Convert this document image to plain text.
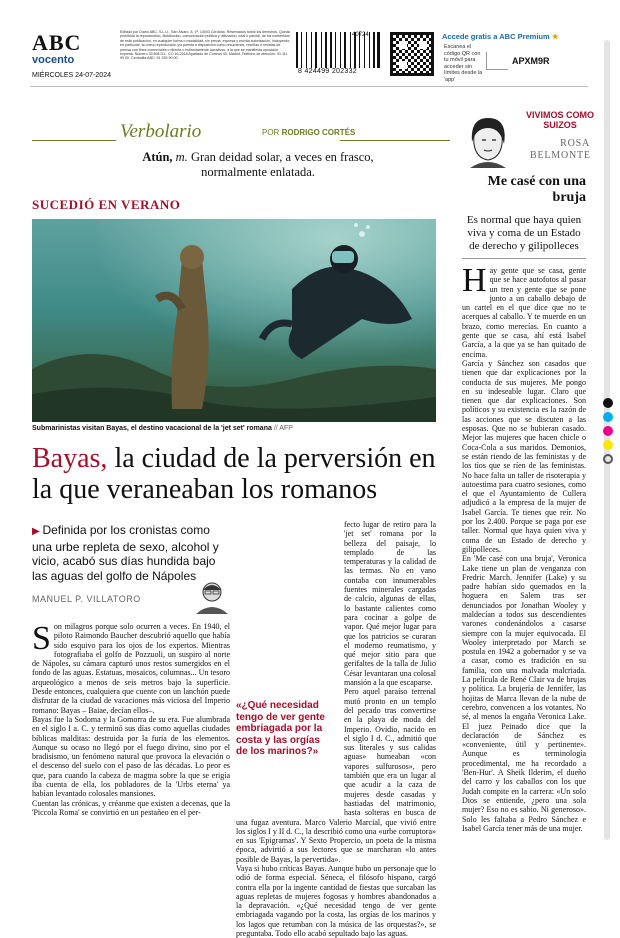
ABC
vocento
MIÉRCOLES 24-07-2024
Editado por Diario ABC, S.L.U., San Álvaro, 8, 1ª, 14003 Córdoba. Reservados todos los derechos. Queda prohibida la reproducción, distribución, comunicación pública y utilización, total o parcial, de los contenidos de esta publicación, en cualquier forma o modalidad, sin previa, expresa y escrita autorización, incluyendo, en particular, su mera reproducción y/o puesta a disposición como resúmenes, reseñas o revistas de prensa con fines comerciales o directa o indirectamente lucrativos, a la que se manifiesta oposición expresa. Número 39.898 D.L. CO 16-2018 Apartado de Correos 43, Madrid. Teléfono de atención: 91 111 99 00. Centralita ABC: 91 339 90 00.
40724
8 424499 202332
Accede gratis a ABC Premium ★
Escanea el código QR con tu móvil para acceder sin límites desde la 'app'
APXM9R
Verbolario	POR RODRIGO CORTÉS
Atún, m. Gran deidad solar, a veces en frasco, normalmente enlatada.
SUCEDIÓ EN VERANO
Submarinistas visitan Bayas, el destino vacacional de la 'jet set' romana // AFP
Bayas, la ciudad de la perversión en la que veraneaban los romanos
▶ Definida por los cronistas como una urbe repleta de sexo, alcohol y vicio, acabó sus días hundida bajo las aguas del golfo de Nápoles
MANUEL P. VILLATORO
Son milagros porque solo ocurren a veces. En 1940, el piloto Raimondo Baucher descubrió aquello que había sido esquivo para los ojos de los expertos. Mientras fotografiaba el golfo de Pozzuoli, un suspiro al norte de Nápoles, su cámara capturó unos restos sumergidos en el fondo de las aguas. Estatuas, mosaicos, columnas... Un tesoro arqueológico a menos de seis metros bajo la superficie. Desde entonces, cualquiera que cuente con un lanchón puede disfrutar de la ciudad de vacaciones más viciosa del Imperio romano: Bayas – Baiae, decían ellos–.
Bayas fue la Sodoma y la Gomorra de su era. Fue alumbrada en el siglo I a. C. y terminó sus días como aquellas ciudades bíblicas malditas: destruida por la furia de los elementos. Aunque su ocaso no llegó por el fuego divino, sino por el bradisismo, un fenómeno natural que provoca la elevación o el descenso del suelo con el paso de las décadas. Lo peor es que, para cuando la cabeza de magma sobre la que se erigía iba cuenta de ella, los pobladores de la 'Urbs eterna' ya habían levantado colosales mansiones.
Cuentan las crónicas, y créanme que existen a decenas, que la 'Piccola Roma' se convirtió en un pestañeo en el per-
fecto lugar de retiro para la 'jet set' romana por la belleza del paisaje, lo templado de las temperaturas y la calidad de las termas. No en vano contaba con innumerables fuentes minerales cargadas de calcio, algunas de ellas, lo bastante calientes como para cocinar a golpe de vapor. Qué mejor lugar para que los patricios se curaran el moderno reumatismo, y qué mejor sitio para que gerifaltes de la talla de Julio César levantaran una colosal mansión a la que escaparse.
Pero aquel paraíso terrenal mutó pronto en un templo del pecado tras convertirse en la playa de moda del Imperio. Ovidio, nacido en el siglo I d. C., admitió que sus literales y sus calidas aguas» humeaban «con vapores sulfurosos», pero también que era un lugar al que acudir a la caza de mujeres desde casadas y hastiadas del matrimonio, hasta solteras en busca de una fugaz aventura. Marco Valerio Marcial, que vivió entre los siglos I y II d. C., la describió como una «urbe corruptora» en sus 'Epigramas'. Y Sexto Propercio, un poeta de la misma época, advirtió a sus lectores que se marcharan «lo antes posible de Bayas, la pervertida».
Vaya si hubo críticas Bayas. Aunque hubo un personaje que lo odió de forma especial. Séneca, el filósofo hispano, cargó contra ella por la ingente cantidad de fiestas que surcaban las aguas repletas de mujeres fogosas y hombres abandonados a la depravación. «¿Qué necesidad tengo de ver gente embriagada vagando por la costa, las orgías de los marinos y los lagos que retumban con la música de las orquestas?», se preguntaba. Todo ello acabó sepultado bajo las aguas.
«¿Qué necesidad tengo de ver gente embriagada por la costa y las orgías de los marinos?»
VIVIMOS COMO SUIZOS
ROSA
BELMONTE
Me casé con una bruja
Es normal que haya quien viva y coma de un Estado de derecho y gilipolleces
Hay gente que se casa, gente que se hace autofotos al pasar un tren y gente que se pone junto a un caballo debajo de un cartel en el que dice que no te acerques al caballo. Y te muerde en un brazo, como merecías. En cuanto a gente que se casa, ahí está Isabel García, a la que ya se han quitado de encima.
García y Sánchez son casados que tienen que dar explicaciones por la conducta de sus mujeres. Me pongo en su indeseable lugar. Claro que tienen que dar explicaciones. Son políticos y su existencia es la razón de las acciones que se discuten a las esposas. Que no se hubieran casado. Mejor las mujeres que hacen chicle o Coca-Cola a sus maridos. Demonios, se están riendo de las feministas y de los tíos que se ríen de las feministas. No hace falta un taller de risoterapia y autoestima para cuatro sesiones, como el que el Ayuntamiento de Cullera adjudicó a la empresa de la mujer de Isabel García. Te tienes que reír. No por los 2.400. Porque se paga por ese taller. Normal que haya quien viva y coma de un Estado de derecho y gilipolleces.
En 'Me casé con una bruja', Veronica Lake tiene un plan de venganza con Fredric March. Jennifer (Lake) y su padre habían sido quemados en la hoguera en Salem tras ser denunciados por Jonathan Wooley y maldecían a todos sus descendientes varones condenándolos a casarse siempre con la mujer equivocada. El Wooley interpretado por March se postula en 1942 a gobernador y se va a casar, como es tradición en su familia, con una malvada malcriada. La película de René Clair va de brujas y política. La brujería de Jennifer, las hojitas de Marca llevan de la nube de cerebro, convencen a los votantes. No sé, al menos la engaña Veronica Lake. El juez Peinado dice que la declaración de Sánchez es «conveniente, útil y pertinente». Aunque es terminología procedimental, me ha recordado a 'Ben-Hur'. A Sheik Ilderim, el dueño del carro y los caballos con los que Judah compite en la carrera: «Un solo Dios se entiende, ¿pero una sola mujer? Eso no es sabio. Ni generoso». Solo les faltaba a Pedro Sánchez e Isabel García tener más de una mujer.
